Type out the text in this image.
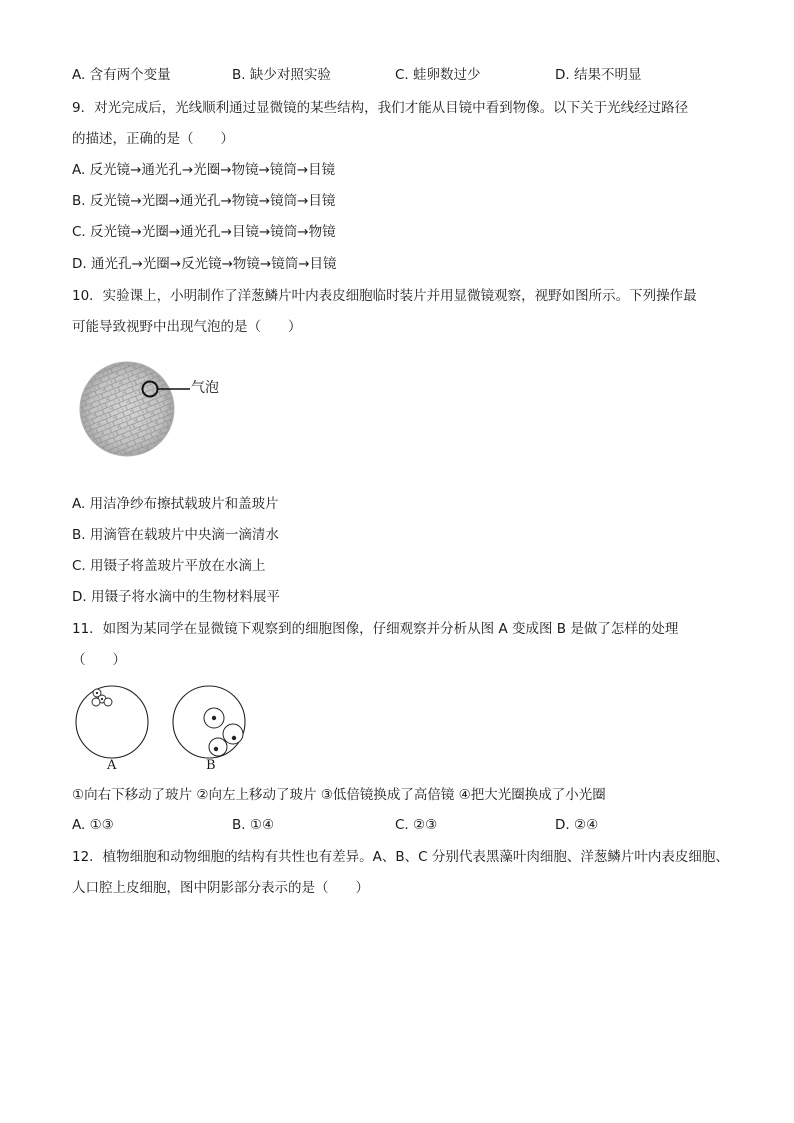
A. 含有两个变量	B. 缺少对照实验	C. 蛙卵数过少	D. 结果不明显
9．对光完成后，光线顺利通过显微镜的某些结构，我们才能从目镜中看到物像。以下关于光线经过路径
的描述，正确的是（　　）
A. 反光镜→通光孔→光圈→物镜→镜筒→目镜
B. 反光镜→光圈→通光孔→物镜→镜筒→目镜
C. 反光镜→光圈→通光孔→目镜→镜筒→物镜
D. 通光孔→光圈→反光镜→物镜→镜筒→目镜
10．实验课上，小明制作了洋葱鳞片叶内表皮细胞临时装片并用显微镜观察，视野如图所示。下列操作最
可能导致视野中出现气泡的是（　　）
气泡
A. 用洁净纱布擦拭载玻片和盖玻片
B. 用滴管在载玻片中央滴一滴清水
C. 用镊子将盖玻片平放在水滴上
D. 用镊子将水滴中的生物材料展平
11．如图为某同学在显微镜下观察到的细胞图像，仔细观察并分析从图 A 变成图 B 是做了怎样的处理
（　　）
A	B
①向右下移动了玻片 ②向左上移动了玻片 ③低倍镜换成了高倍镜 ④把大光圈换成了小光圈
A. ①③	B. ①④	C. ②③	D. ②④
12．植物细胞和动物细胞的结构有共性也有差异。A、B、C 分别代表黑藻叶肉细胞、洋葱鳞片叶内表皮细胞、
人口腔上皮细胞，图中阴影部分表示的是（　　）
